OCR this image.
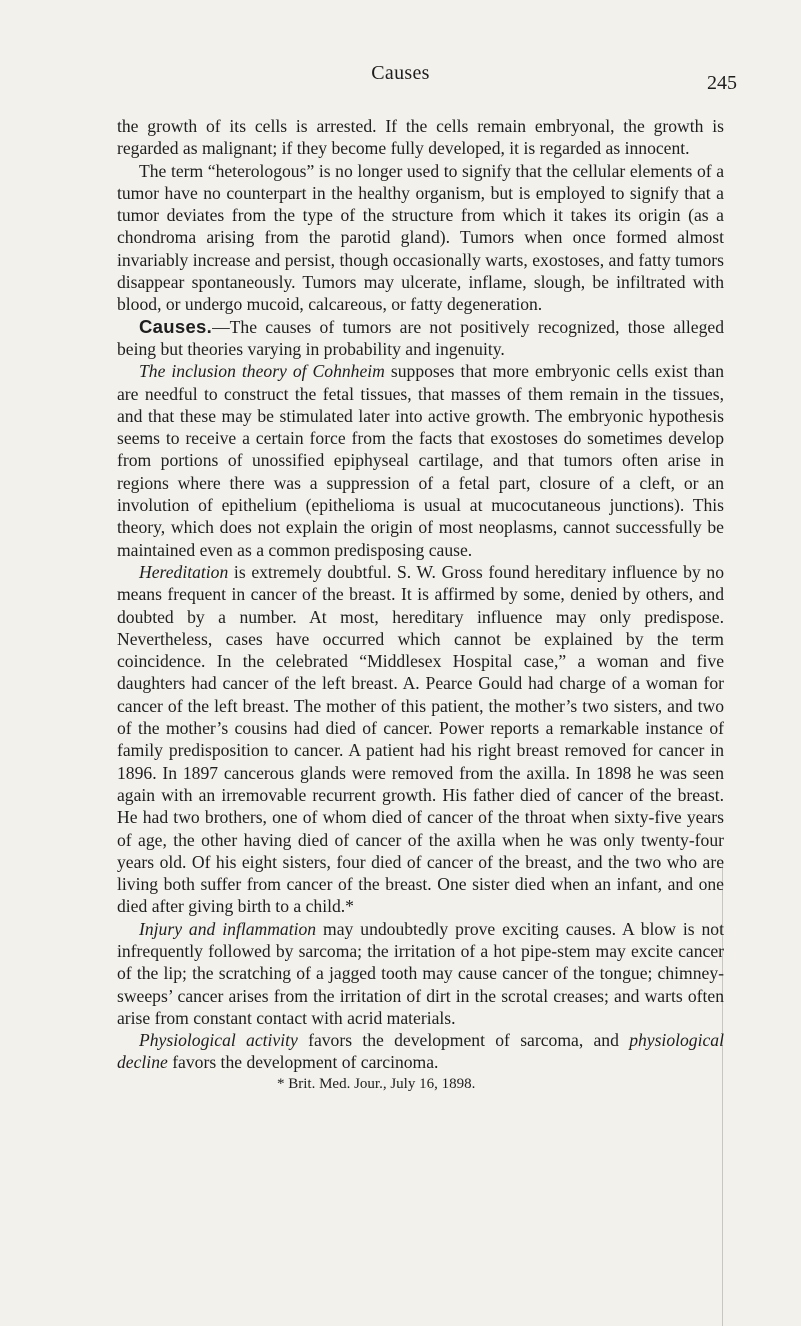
Causes	245

the growth of its cells is arrested. If the cells remain embryonal, the growth is regarded as malignant; if they become fully developed, it is regarded as innocent.

The term “heterologous” is no longer used to signify that the cellular elements of a tumor have no counterpart in the healthy organism, but is employed to signify that a tumor deviates from the type of the structure from which it takes its origin (as a chondroma arising from the parotid gland). Tumors when once formed almost invariably increase and persist, though occasionally warts, exostoses, and fatty tumors disappear spontaneously. Tumors may ulcerate, inflame, slough, be infiltrated with blood, or undergo mucoid, calcareous, or fatty degeneration.

Causes.—The causes of tumors are not positively recognized, those alleged being but theories varying in probability and ingenuity.

The inclusion theory of Cohnheim supposes that more embryonic cells exist than are needful to construct the fetal tissues, that masses of them remain in the tissues, and that these may be stimulated later into active growth. The embryonic hypothesis seems to receive a certain force from the facts that exostoses do sometimes develop from portions of unossified epiphyseal cartilage, and that tumors often arise in regions where there was a suppression of a fetal part, closure of a cleft, or an involution of epithelium (epithelioma is usual at mucocutaneous junctions). This theory, which does not explain the origin of most neoplasms, cannot successfully be maintained even as a common predisposing cause.

Hereditation is extremely doubtful. S. W. Gross found hereditary influence by no means frequent in cancer of the breast. It is affirmed by some, denied by others, and doubted by a number. At most, hereditary influence may only predispose. Nevertheless, cases have occurred which cannot be explained by the term coincidence. In the celebrated “Middlesex Hospital case,” a woman and five daughters had cancer of the left breast. A. Pearce Gould had charge of a woman for cancer of the left breast. The mother of this patient, the mother’s two sisters, and two of the mother’s cousins had died of cancer. Power reports a remarkable instance of family predisposition to cancer. A patient had his right breast removed for cancer in 1896. In 1897 cancerous glands were removed from the axilla. In 1898 he was seen again with an irremovable recurrent growth. His father died of cancer of the breast. He had two brothers, one of whom died of cancer of the throat when sixty-five years of age, the other having died of cancer of the axilla when he was only twenty-four years old. Of his eight sisters, four died of cancer of the breast, and the two who are living both suffer from cancer of the breast. One sister died when an infant, and one died after giving birth to a child.*

Injury and inflammation may undoubtedly prove exciting causes. A blow is not infrequently followed by sarcoma; the irritation of a hot pipe-stem may excite cancer of the lip; the scratching of a jagged tooth may cause cancer of the tongue; chimney-sweeps’ cancer arises from the irritation of dirt in the scrotal creases; and warts often arise from constant contact with acrid materials.

Physiological activity favors the development of sarcoma, and physiological decline favors the development of carcinoma.

* Brit. Med. Jour., July 16, 1898.
